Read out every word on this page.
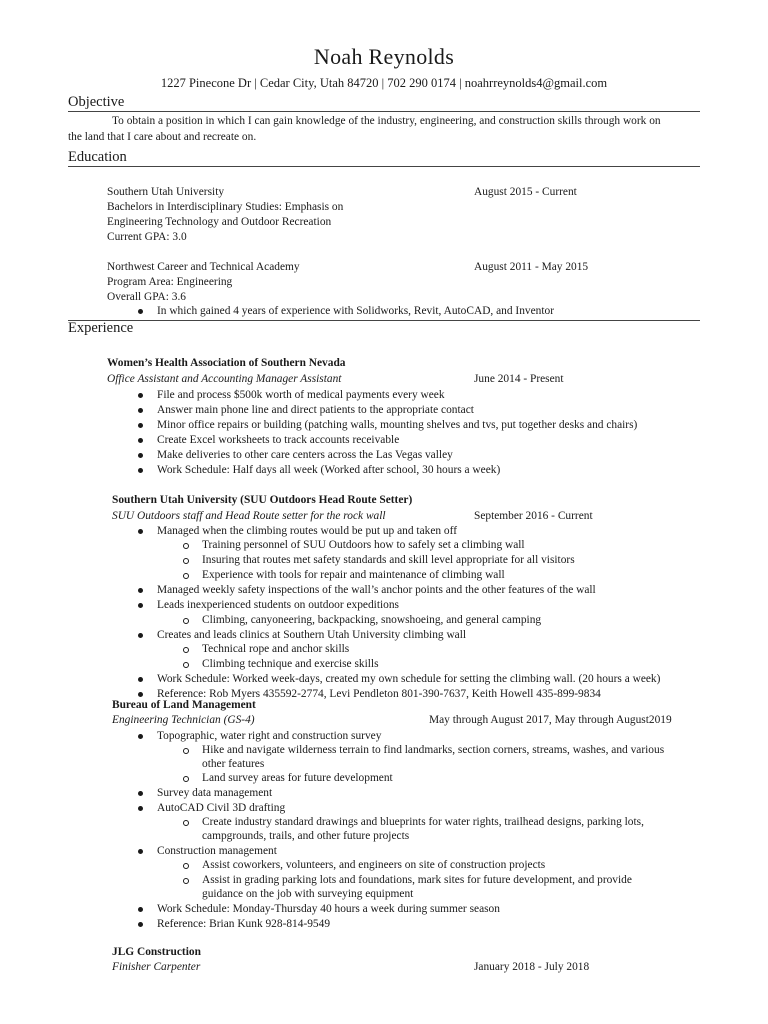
Noah Reynolds
1227 Pinecone Dr | Cedar City, Utah 84720 | 702 290 0174 | noahrreynolds4@gmail.com
Objective
To obtain a position in which I can gain knowledge of the industry, engineering, and construction skills through work on
the land that I care about and recreate on.
Education
Southern Utah University	August 2015 - Current
Bachelors in Interdisciplinary Studies: Emphasis on
Engineering Technology and Outdoor Recreation
Current GPA: 3.0
Northwest Career and Technical Academy	August 2011 - May 2015
Program Area: Engineering
Overall GPA: 3.6
In which gained 4 years of experience with Solidworks, Revit, AutoCAD, and Inventor
Experience
Women’s Health Association of Southern Nevada
Office Assistant and Accounting Manager Assistant	June 2014 - Present
File and process $500k worth of medical payments every week
Answer main phone line and direct patients to the appropriate contact
Minor office repairs or building (patching walls, mounting shelves and tvs, put together desks and chairs)
Create Excel worksheets to track accounts receivable
Make deliveries to other care centers across the Las Vegas valley
Work Schedule: Half days all week (Worked after school, 30 hours a week)
Southern Utah University (SUU Outdoors Head Route Setter)
SUU Outdoors staff and Head Route setter for the rock wall	September 2016 - Current
Managed when the climbing routes would be put up and taken off
Training personnel of SUU Outdoors how to safely set a climbing wall
Insuring that routes met safety standards and skill level appropriate for all visitors
Experience with tools for repair and maintenance of climbing wall
Managed weekly safety inspections of the wall’s anchor points and the other features of the wall
Leads inexperienced students on outdoor expeditions
Climbing, canyoneering, backpacking, snowshoeing, and general camping
Creates and leads clinics at Southern Utah University climbing wall
Technical rope and anchor skills
Climbing technique and exercise skills
Work Schedule: Worked week-days, created my own schedule for setting the climbing wall. (20 hours a week)
Reference: Rob Myers 435592-2774, Levi Pendleton 801-390-7637, Keith Howell 435-899-9834
Bureau of Land Management
Engineering Technician (GS-4)	May through August 2017, May through August2019
Topographic, water right and construction survey
Hike and navigate wilderness terrain to find landmarks, section corners, streams, washes, and various
other features
Land survey areas for future development
Survey data management
AutoCAD Civil 3D drafting
Create industry standard drawings and blueprints for water rights, trailhead designs, parking lots,
campgrounds, trails, and other future projects
Construction management
Assist coworkers, volunteers, and engineers on site of construction projects
Assist in grading parking lots and foundations, mark sites for future development, and provide
guidance on the job with surveying equipment
Work Schedule: Monday-Thursday 40 hours a week during summer season
Reference: Brian Kunk 928-814-9549
JLG Construction
Finisher Carpenter	January 2018 - July 2018
